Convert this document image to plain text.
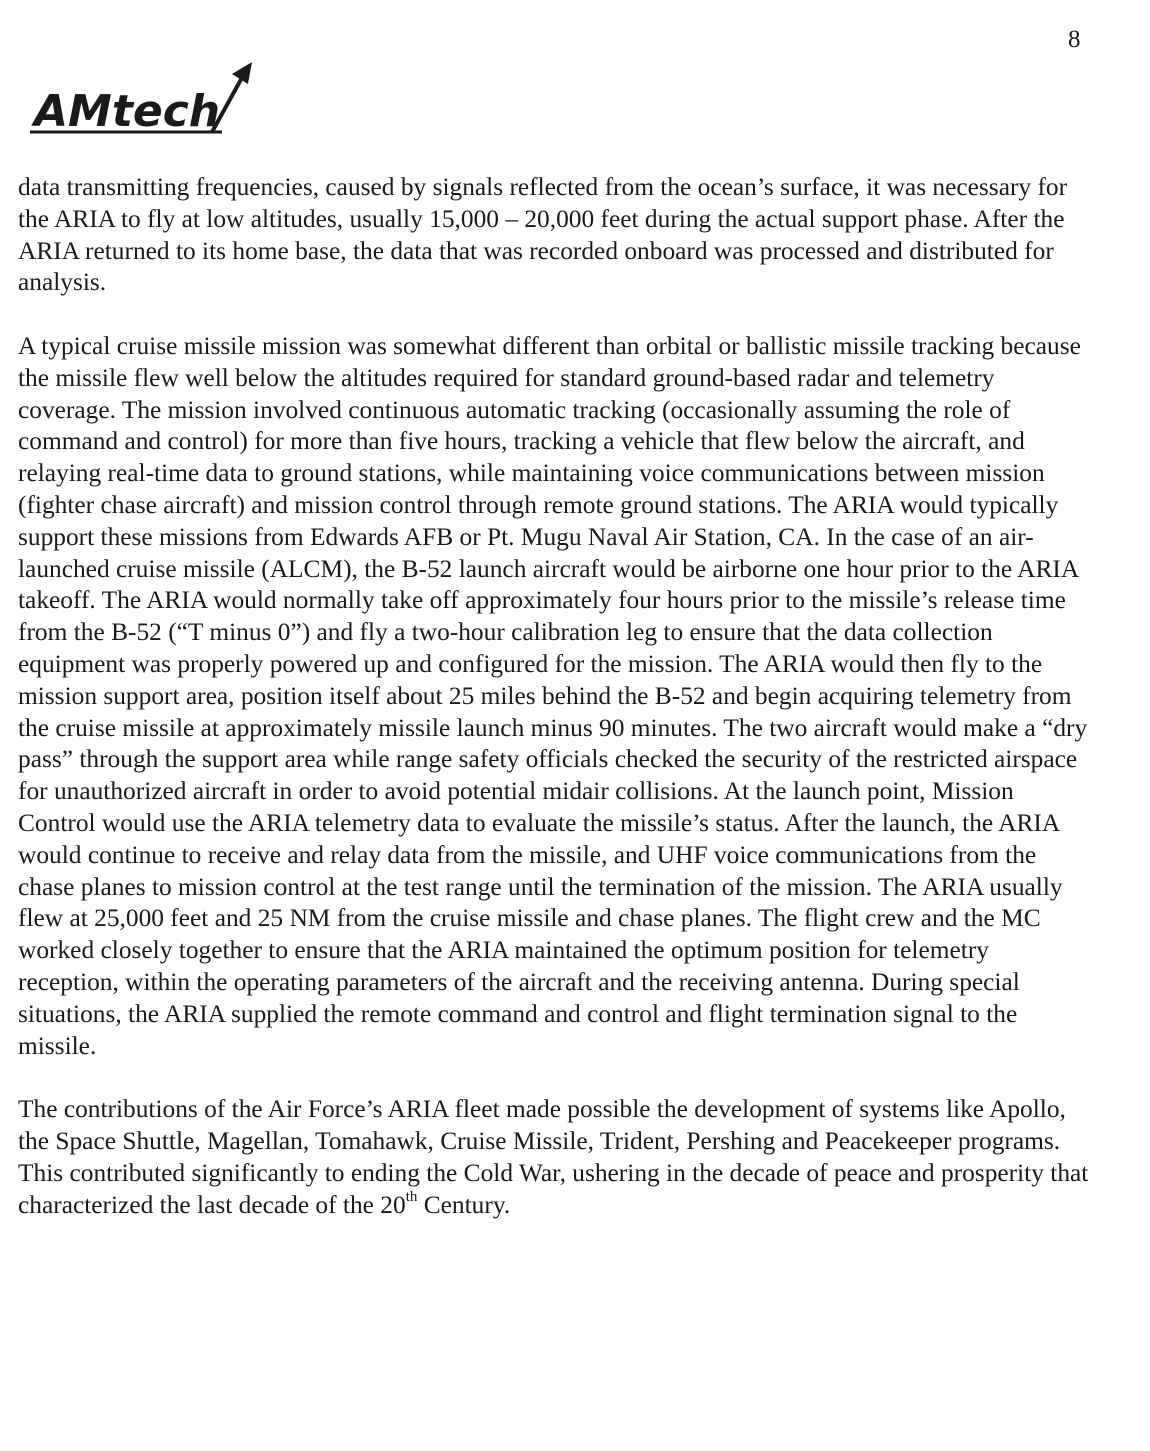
8
AMtech

data transmitting frequencies, caused by signals reflected from the ocean’s surface, it was necessary for the ARIA to fly at low altitudes, usually 15,000 – 20,000 feet during the actual support phase. After the ARIA returned to its home base, the data that was recorded onboard was processed and distributed for analysis.

A typical cruise missile mission was somewhat different than orbital or ballistic missile tracking because the missile flew well below the altitudes required for standard ground-based radar and telemetry coverage. The mission involved continuous automatic tracking (occasionally assuming the role of command and control) for more than five hours, tracking a vehicle that flew below the aircraft, and relaying real-time data to ground stations, while maintaining voice communications between mission (fighter chase aircraft) and mission control through remote ground stations. The ARIA would typically support these missions from Edwards AFB or Pt. Mugu Naval Air Station, CA. In the case of an air-launched cruise missile (ALCM), the B-52 launch aircraft would be airborne one hour prior to the ARIA takeoff. The ARIA would normally take off approximately four hours prior to the missile’s release time from the B-52 (“T minus 0”) and fly a two-hour calibration leg to ensure that the data collection equipment was properly powered up and configured for the mission. The ARIA would then fly to the mission support area, position itself about 25 miles behind the B-52 and begin acquiring telemetry from the cruise missile at approximately missile launch minus 90 minutes. The two aircraft would make a “dry pass” through the support area while range safety officials checked the security of the restricted airspace for unauthorized aircraft in order to avoid potential midair collisions. At the launch point, Mission Control would use the ARIA telemetry data to evaluate the missile’s status. After the launch, the ARIA would continue to receive and relay data from the missile, and UHF voice communications from the chase planes to mission control at the test range until the termination of the mission. The ARIA usually flew at 25,000 feet and 25 NM from the cruise missile and chase planes. The flight crew and the MC worked closely together to ensure that the ARIA maintained the optimum position for telemetry reception, within the operating parameters of the aircraft and the receiving antenna. During special situations, the ARIA supplied the remote command and control and flight termination signal to the missile.

The contributions of the Air Force’s ARIA fleet made possible the development of systems like Apollo, the Space Shuttle, Magellan, Tomahawk, Cruise Missile, Trident, Pershing and Peacekeeper programs. This contributed significantly to ending the Cold War, ushering in the decade of peace and prosperity that characterized the last decade of the 20th Century.
